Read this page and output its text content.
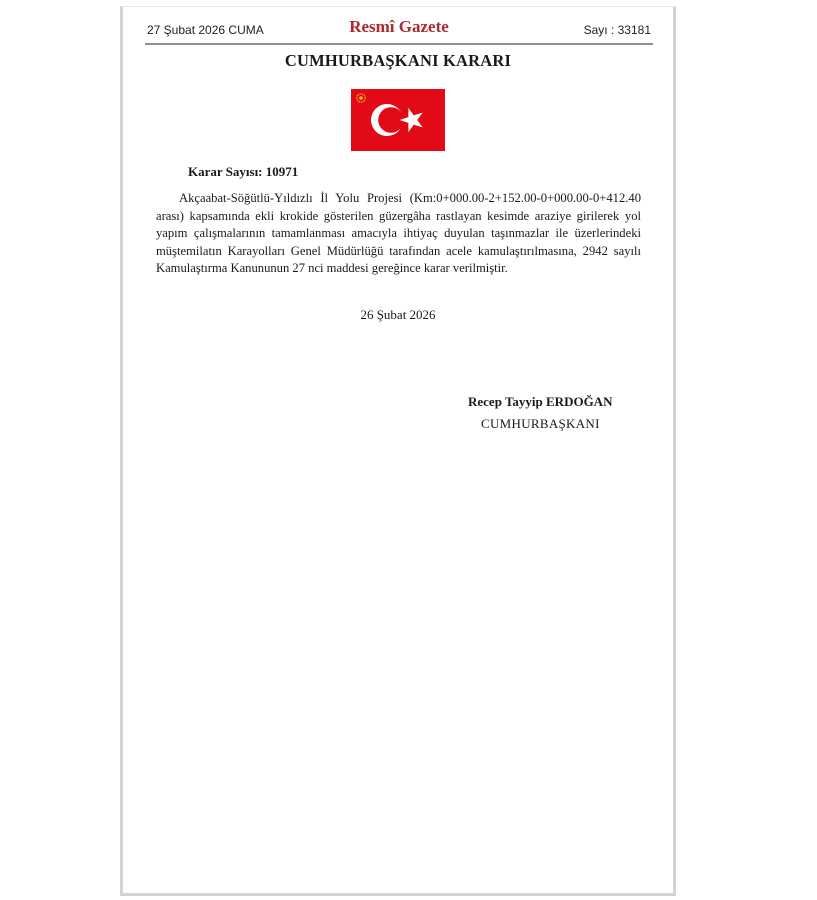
27 Şubat 2026 CUMA	Resmî Gazete	Sayı : 33181
CUMHURBAŞKANI KARARI
Karar Sayısı: 10971

Akçaabat-Söğütlü-Yıldızlı İl Yolu Projesi (Km:0+000.00-2+152.00-0+000.00-0+412.40 arası) kapsamında ekli krokide gösterilen güzergâha rastlayan kesimde araziye girilerek yol yapım çalışmalarının tamamlanması amacıyla ihtiyaç duyulan taşınmazlar ile üzerlerindeki müştemilatın Karayolları Genel Müdürlüğü tarafından acele kamulaştırılmasına, 2942 sayılı Kamulaştırma Kanununun 27 nci maddesi gereğince karar verilmiştir.

26 Şubat 2026
Recep Tayyip ERDOĞAN
CUMHURBAŞKANI
